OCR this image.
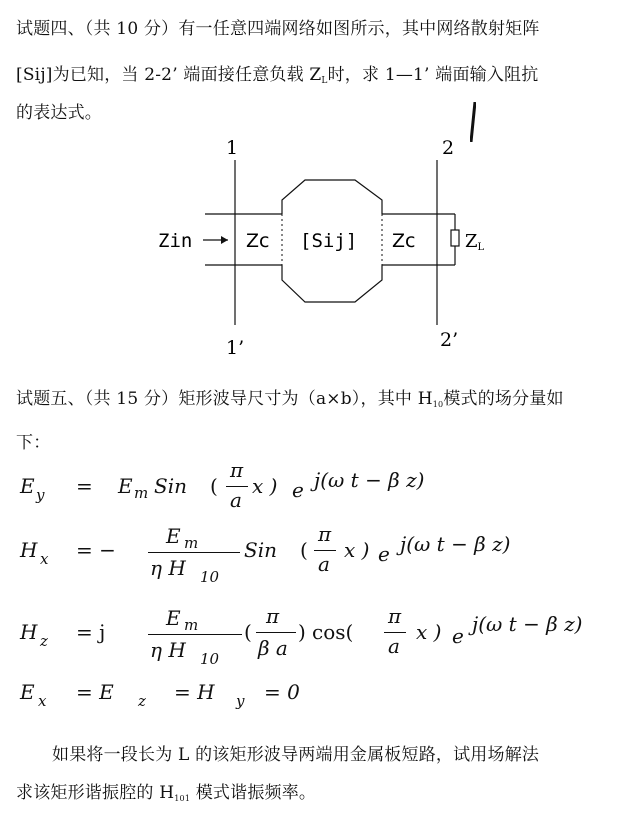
试题四、（共 10 分）有一任意四端网络如图所示，其中网络散射矩阵
[Sij]为已知，当 2-2’ 端面接任意负载 ZL时，求 1—1’ 端面输入阻抗
的表达式。
1	2
1’	2’
Zin	Zc [Sij] Zc	ZL
试题五、（共 15 分）矩形波导尺寸为（a×b），其中 H10模式的场分量如
下：
E y = E m Sin (
π
a
x ) e j(ω t − β z)
H x = −
E m
η H 10
Sin (
π
a
x ) e j(ω t − β z)
H z = j
E m
η H 10
(
π
β a
) cos(
π
a
x ) e j(ω t − β z)
E x = E z = H y = 0
如果将一段长为 L 的该矩形波导两端用金属板短路，试用场解法
求该矩形谐振腔的 H101 模式谐振频率。
